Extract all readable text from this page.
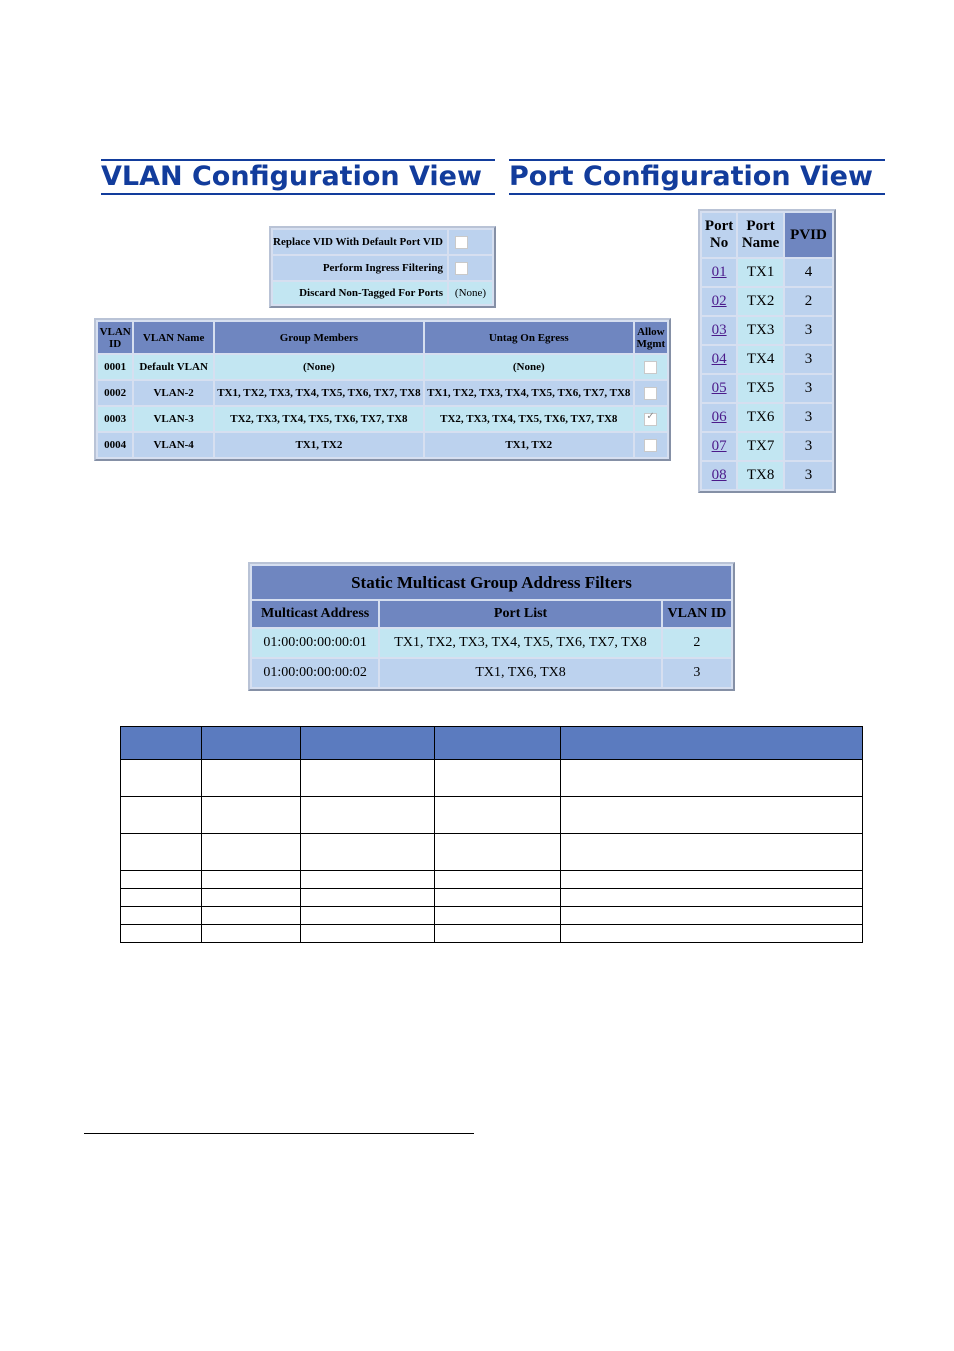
VLAN Configuration View	Port Configuration View
Replace VID With Default Port VID	
Perform Ingress Filtering	
Discard Non-Tagged For Ports	(None)
VLAN ID	VLAN Name	Group Members	Untag On Egress	Allow Mgmt
0001	Default VLAN	(None)	(None)	
0002	VLAN-2	TX1, TX2, TX3, TX4, TX5, TX6, TX7, TX8	TX1, TX2, TX3, TX4, TX5, TX6, TX7, TX8	
0003	VLAN-3	TX2, TX3, TX4, TX5, TX6, TX7, TX8	TX2, TX3, TX4, TX5, TX6, TX7, TX8	✓
0004	VLAN-4	TX1, TX2	TX1, TX2	
Port No	Port Name	PVID
01	TX1	4
02	TX2	2
03	TX3	3
04	TX4	3
05	TX5	3
06	TX6	3
07	TX7	3
08	TX8	3
Static Multicast Group Address Filters		
Multicast Address	Port List	VLAN ID
01:00:00:00:00:01	TX1, TX2, TX3, TX4, TX5, TX6, TX7, TX8	2
01:00:00:00:00:02	TX1, TX6, TX8	3
